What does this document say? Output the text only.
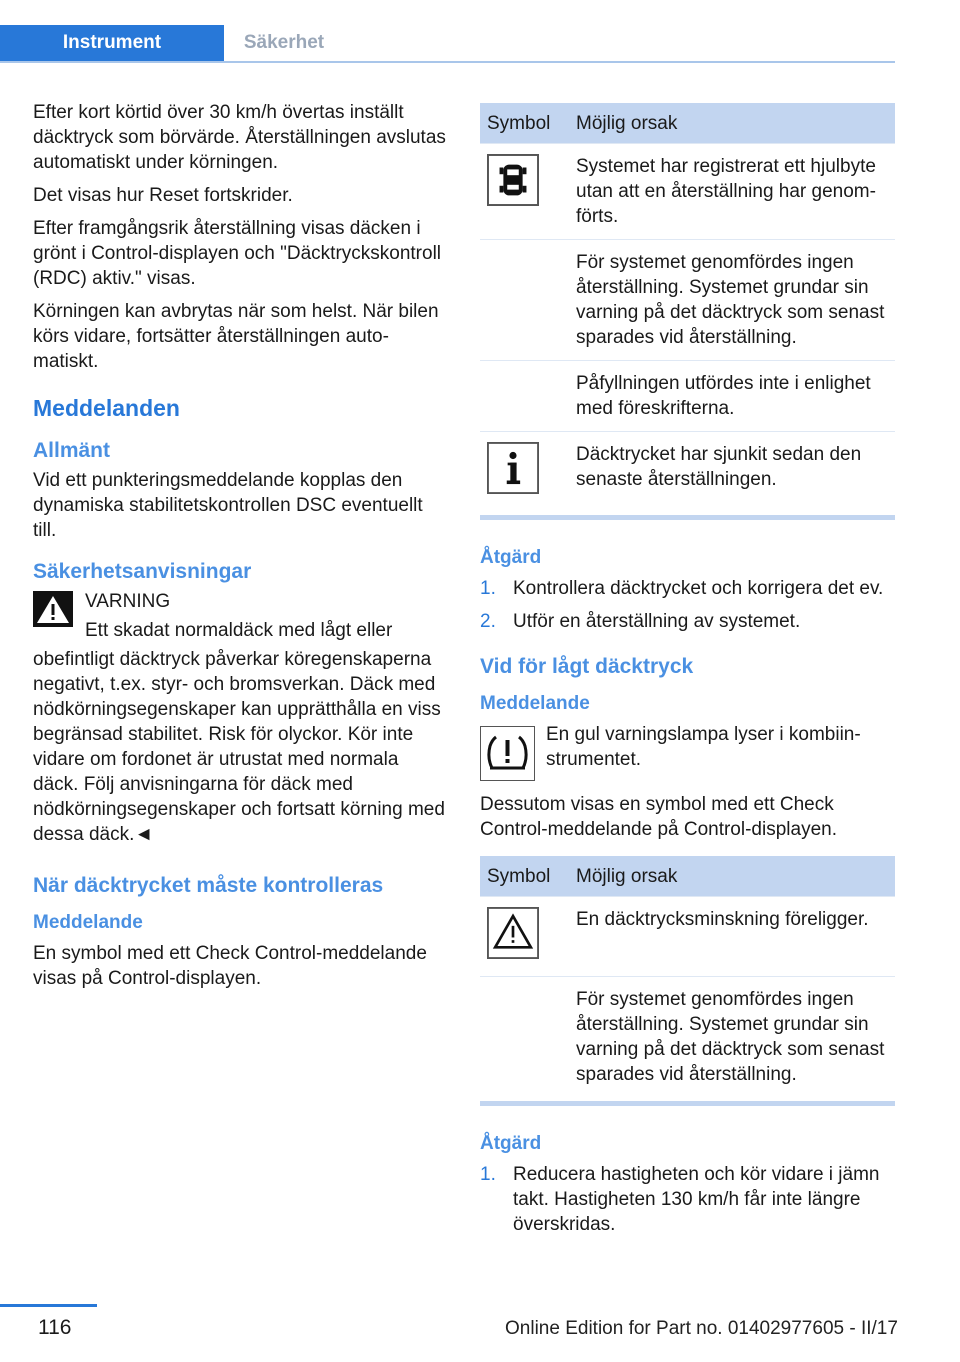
Instrument	Säkerhet

Efter kort körtid över 30 km/h övertas inställt däcktryck som börvärde. Återställningen avslutas automatiskt under körningen.

Det visas hur Reset fortskrider.

Efter framgångsrik återställning visas däcken i grönt i Control-displayen och "Däcktryckskontroll (RDC) aktiv." visas.

Körningen kan avbrytas när som helst. När bilen körs vidare, fortsätter återställningen automatiskt.

Meddelanden
Allmänt

Vid ett punkteringsmeddelande kopplas den dynamiska stabilitetskontrollen DSC eventuellt till.

Säkerhetsanvisningar

VARNING

Ett skadat normaldäck med lågt eller

obefintligt däcktryck påverkar köregenskaperna negativt, t.ex. styr- och bromsverkan. Däck med nödkörningsegenskaper kan upprätthålla en viss begränsad stabilitet. Risk för olyckor. Kör inte vidare om fordonet är utrustat med normala däck. Följ anvisningarna för däck med nödkörningsegenskaper och fortsatt körning med dessa däck.◄

När däcktrycket måste kontrolleras
Meddelande

En symbol med ett Check Control-meddelande visas på Control-displayen.

Symbol	Möjlig orsak
	Systemet har registrerat ett hjulbyte utan att en återställning har genomförts.
	För systemet genomfördes ingen återställning. Systemet grundar sin varning på det däcktryck som senast sparades vid återställning.
	Påfyllningen utfördes inte i enlighet med föreskrifterna.
	Däcktrycket har sjunkit sedan den senaste återställningen.
Åtgärd
1. Kontrollera däcktrycket och korrigera det ev.
2. Utför en återställning av systemet.
Vid för lågt däcktryck
Meddelande

En gul varningslampa lyser i kombiinstrumentet.

Dessutom visas en symbol med ett Check Control-meddelande på Control-displayen.

Symbol	Möjlig orsak
	En däcktrycksminskning föreligger.
	För systemet genomfördes ingen återställning. Systemet grundar sin varning på det däcktryck som senast sparades vid återställning.
Åtgärd
1. Reducera hastigheten och kör vidare i jämn takt. Hastigheten 130 km/h får inte längre överskridas.
116	Online Edition for Part no. 01402977605 - II/17
